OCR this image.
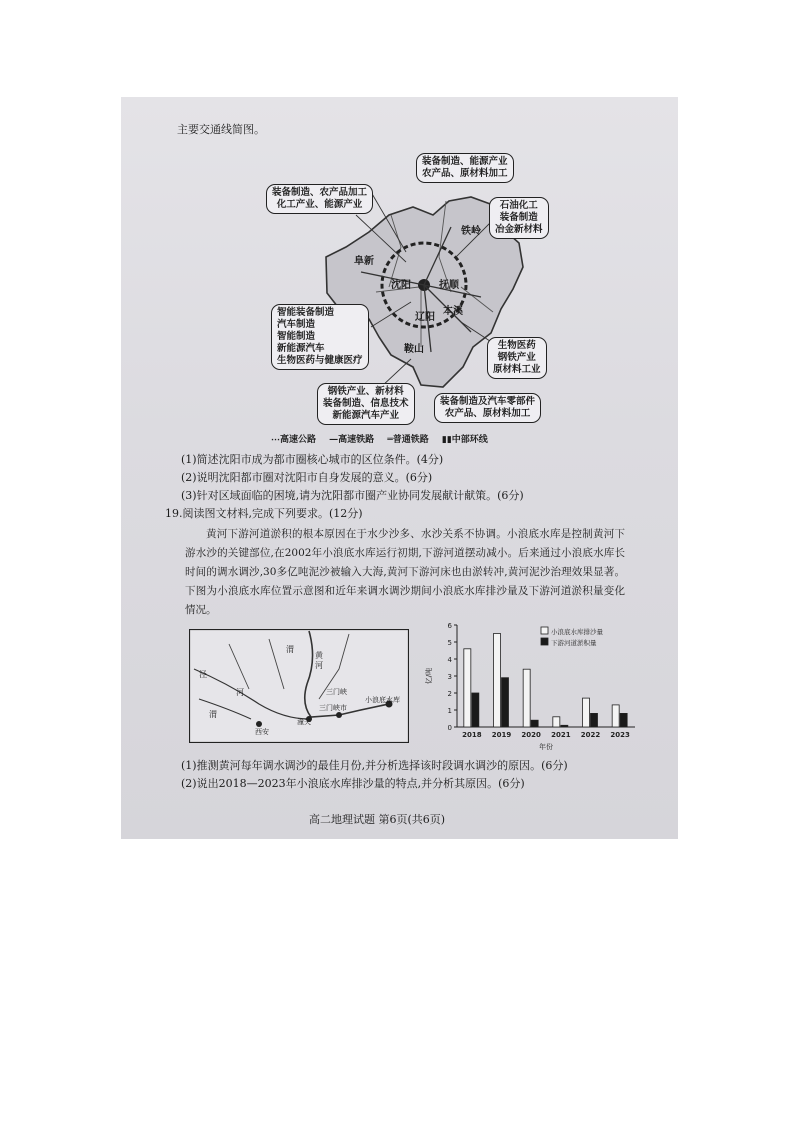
主要交通线简图。

装备制造、能源产业
农产品、原材料加工
装备制造、农产品加工
化工产业、能源产业	石油化工
装备制造
冶金新材料
智能装备制造
汽车制造
智能制造
新能源汽车
生物医药与健康医疗
生物医药
钢铁产业
原材料工业
钢铁产业、新材料
装备制造、信息技术
新能源汽车产业
装备制造及汽车零部件
农产品、原材料加工
阜新
铁岭
沈阳	抚顺
本溪
辽阳
鞍山
⋯高速公路 —高速铁路 ═普通铁路 ▮▮中部环线

(1)简述沈阳市成为都市圈核心城市的区位条件。(4分)

(2)说明沈阳都市圈对沈阳市自身发展的意义。(6分)

(3)针对区域面临的困境,请为沈阳都市圈产业协同发展献计献策。(6分)

19.阅读图文材料,完成下列要求。(12分)

黄河下游河道淤积的根本原因在于水少沙多、水沙关系不协调。小浪底水库是控制黄河下游水沙的关键部位,在2002年小浪底水库运行初期,下游河道摆动减小。后来通过小浪底水库长时间的调水调沙,30多亿吨泥沙被输入大海,黄河下游河床也由淤转冲,黄河泥沙治理效果显著。下图为小浪底水库位置示意图和近年来调水调沙期间小浪底水库排沙量及下游河道淤积量变化情况。

渭
黄
河
泾
河
渭
三门峡
三门峡市
小浪底水库
潼关
西安	0
1
2
3
4
5
6
亿/吨
2018 2019 2020 2021 2022 2023
年份
小浪底水库排沙量
下游河道淤积量

(1)推测黄河每年调水调沙的最佳月份,并分析选择该时段调水调沙的原因。(6分)

(2)说出2018—2023年小浪底水库排沙量的特点,并分析其原因。(6分)

高二地理试题 第6页(共6页)
